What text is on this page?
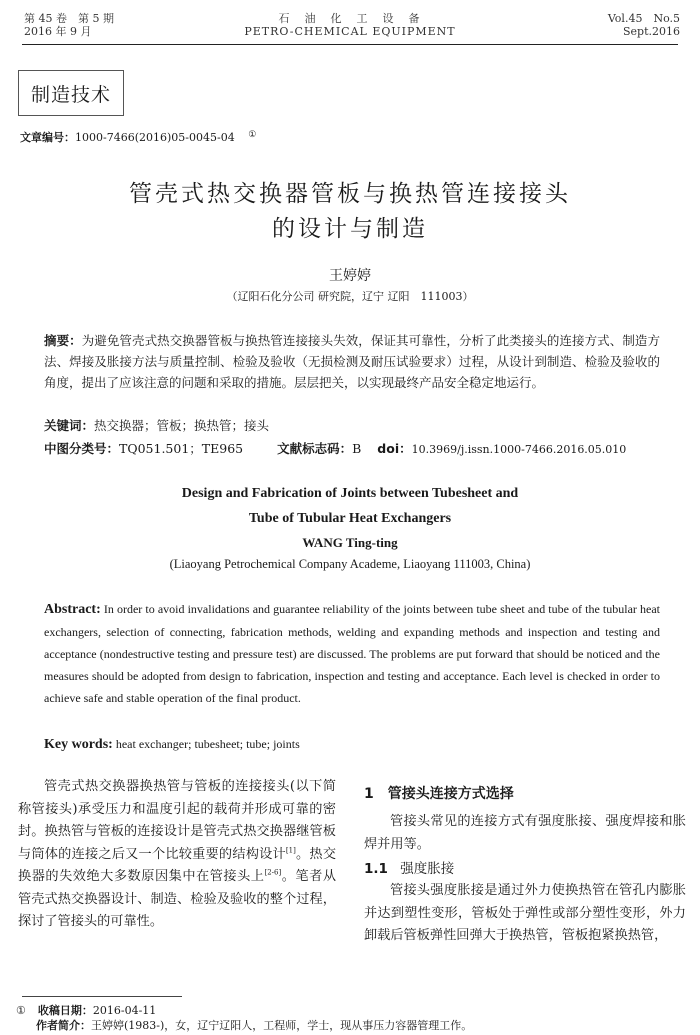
第 45 卷　第 5 期
2016 年 9 月
石　油　化　工　设　备
PETRO-CHEMICAL EQUIPMENT
Vol.45　No.5
Sept.2016
制造技术
文章编号：1000-7466(2016)05-0045-04 ①
管壳式热交换器管板与换热管连接接头
的设计与制造
王婷婷
（辽阳石化分公司 研究院，辽宁 辽阳　111003）
摘要：为避免管壳式热交换器管板与换热管连接接头失效，保证其可靠性，分析了此类接头的连接方式、制造方法、焊接及胀接方法与质量控制、检验及验收（无损检测及耐压试验要求）过程，从设计到制造、检验及验收的角度，提出了应该注意的问题和采取的措施。层层把关，以实现最终产品安全稳定地运行。
关键词：热交换器；管板；换热管；接头
中图分类号：TQ051.501；TE965	文献标志码：B doi：10.3969/j.issn.1000-7466.2016.05.010
Design and Fabrication of Joints between Tubesheet and
Tube of Tubular Heat Exchangers
WANG Ting-ting
(Liaoyang Petrochemical Company Academe, Liaoyang 111003, China)
Abstract: In order to avoid invalidations and guarantee reliability of the joints between tube sheet and tube of the tubular heat exchangers, selection of connecting, fabrication methods, welding and expanding methods and inspection and testing and acceptance (nondestructive testing and pressure test) are discussed. The problems are put forward that should be noticed and the measures should be adopted from design to fabrication, inspection and testing and acceptance. Each level is checked in order to achieve safe and stable operation of the final product.
Key words: heat exchanger; tubesheet; tube; joints
管壳式热交换器换热管与管板的连接接头(以下简称管接头)承受压力和温度引起的载荷并形成可靠的密封。换热管与管板的连接设计是管壳式热交换器继管板与筒体的连接之后又一个比较重要的结构设计[1]。热交换器的失效绝大多数原因集中在管接头上[2-6]。笔者从管壳式热交换器设计、制造、检验及验收的整个过程，探讨了管接头的可靠性。
1　管接头连接方式选择
管接头常见的连接方式有强度胀接、强度焊接和胀焊并用等。
1.1 强度胀接
管接头强度胀接是通过外力使换热管在管孔内膨胀并达到塑性变形，管板处于弹性或部分塑性变形，外力卸载后管板弹性回弹大于换热管，管板抱紧换热管，
① 收稿日期：2016-04-11
作者简介：王婷婷(1983-)，女，辽宁辽阳人，工程师，学士，现从事压力容器管理工作。
